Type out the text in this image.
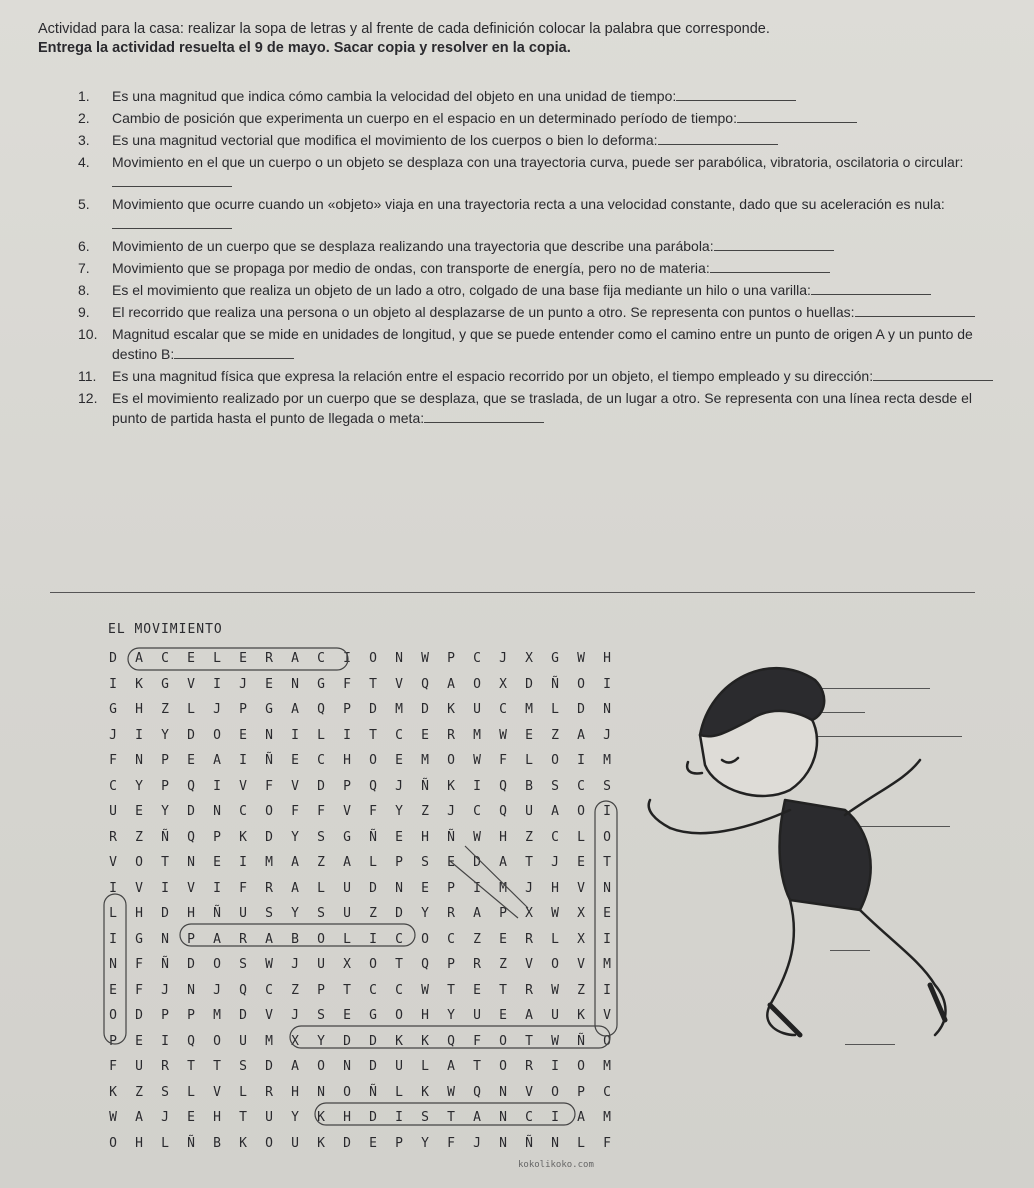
Actividad para la casa: realizar la sopa de letras y al frente de cada definición colocar la palabra que corresponde.

Entrega la actividad resuelta el 9 de mayo. Sacar copia y resolver en la copia.

1. Es una magnitud que indica cómo cambia la velocidad del objeto en una unidad de tiempo:
2. Cambio de posición que experimenta un cuerpo en el espacio en un determinado período de tiempo:
3. Es una magnitud vectorial que modifica el movimiento de los cuerpos o bien lo deforma:
4. Movimiento en el que un cuerpo o un objeto se desplaza con una trayectoria curva, puede ser parabólica, vibratoria, oscilatoria o circular:
5. Movimiento que ocurre cuando un «objeto» viaja en una trayectoria recta a una velocidad constante, dado que su aceleración es nula:
6. Movimiento de un cuerpo que se desplaza realizando una trayectoria que describe una parábola:
7. Movimiento que se propaga por medio de ondas, con transporte de energía, pero no de materia:
8. Es el movimiento que realiza un objeto de un lado a otro, colgado de una base fija mediante un hilo o una varilla:
9. El recorrido que realiza una persona o un objeto al desplazarse de un punto a otro. Se representa con puntos o huellas:
10. Magnitud escalar que se mide en unidades de longitud, y que se puede entender como el camino entre un punto de origen A y un punto de destino B:
11. Es una magnitud física que expresa la relación entre el espacio recorrido por un objeto, el tiempo empleado y su dirección:
12. Es el movimiento realizado por un cuerpo que se desplaza, que se traslada, de un lugar a otro. Se representa con una línea recta desde el punto de partida hasta el punto de llegada o meta:
EL MOVIMIENTO
D	A	C	E	L	E	R	A	C	I	O	N	W	P	C	J	X	G	W	H
I	K	G	V	I	J	E	N	G	F	T	V	Q	A	O	X	D	Ñ	O	I
G	H	Z	L	J	P	G	A	Q	P	D	M	D	K	U	C	M	L	D	N
J	I	Y	D	O	E	N	I	L	I	T	C	E	R	M	W	E	Z	A	J
F	N	P	E	A	I	Ñ	E	C	H	O	E	M	O	W	F	L	O	I	M
C	Y	P	Q	I	V	F	V	D	P	Q	J	Ñ	K	I	Q	B	S	C	S
U	E	Y	D	N	C	O	F	F	V	F	Y	Z	J	C	Q	U	A	O	I
R	Z	Ñ	Q	P	K	D	Y	S	G	Ñ	E	H	Ñ	W	H	Z	C	L	O
V	O	T	N	E	I	M	A	Z	A	L	P	S	E	D	A	T	J	E	T
I	V	I	V	I	F	R	A	L	U	D	N	E	P	I	M	J	H	V	N
L	H	D	H	Ñ	U	S	Y	S	U	Z	D	Y	R	A	P	X	W	X	E
I	G	N	P	A	R	A	B	O	L	I	C	O	C	Z	E	R	L	X	I
N	F	Ñ	D	O	S	W	J	U	X	O	T	Q	P	R	Z	V	O	V	M
E	F	J	N	J	Q	C	Z	P	T	C	C	W	T	E	T	R	W	Z	I
O	D	P	P	M	D	V	J	S	E	G	O	H	Y	U	E	A	U	K	V
P	E	I	Q	O	U	M	X	Y	D	D	K	K	Q	F	O	T	W	Ñ	O
F	U	R	T	T	S	D	A	O	N	D	U	L	A	T	O	R	I	O	M
K	Z	S	L	V	L	R	H	N	O	Ñ	L	K	W	Q	N	V	O	P	C
W	A	J	E	H	T	U	Y	K	H	D	I	S	T	A	N	C	I	A	M
O	H	L	Ñ	B	K	O	U	K	D	E	P	Y	F	J	N	Ñ	N	L	F
kokolikoko.com
